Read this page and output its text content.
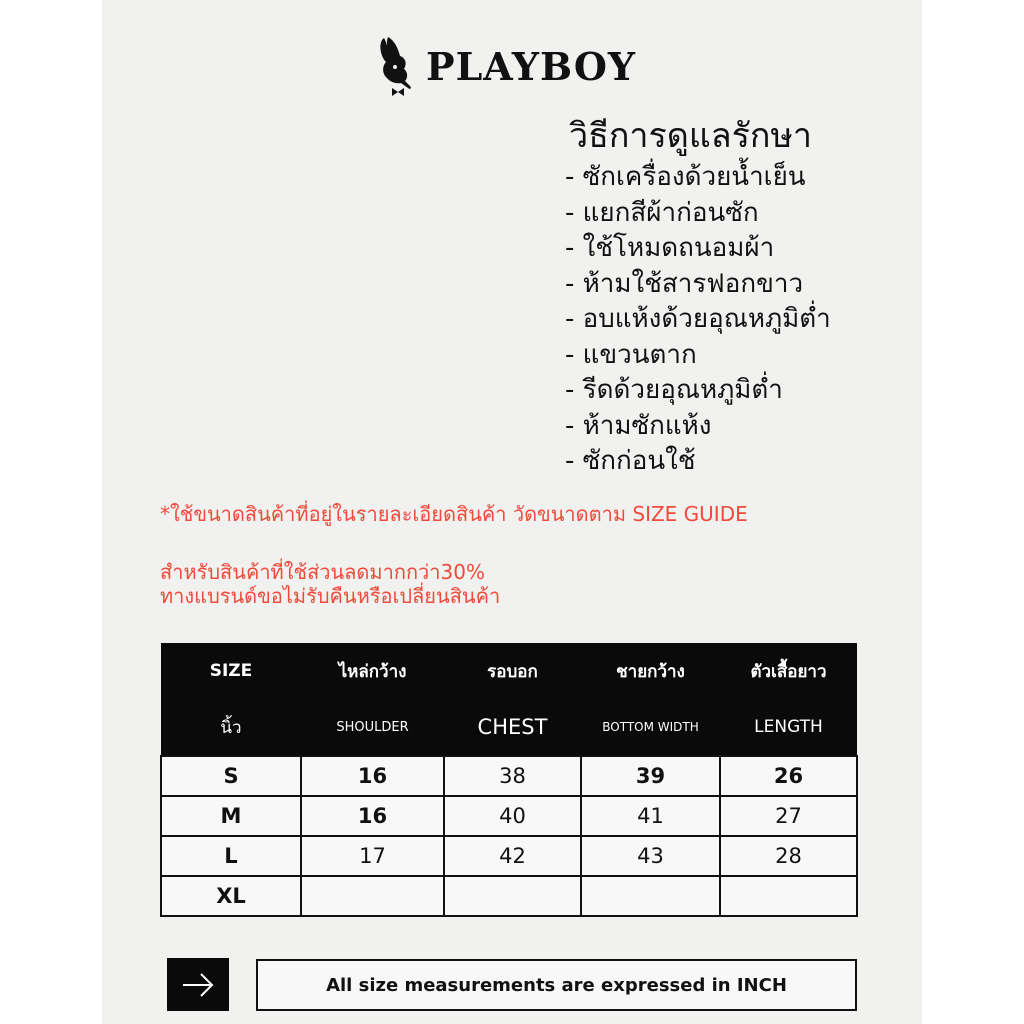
PLAYBOY
วิธีการดูแลรักษา
- ซักเครื่องด้วยน้ำเย็น
- แยกสีผ้าก่อนซัก
- ใช้โหมดถนอมผ้า
- ห้ามใช้สารฟอกขาว
- อบแห้งด้วยอุณหภูมิต่ำ
- แขวนตาก
- รีดด้วยอุณหภูมิต่ำ
- ห้ามซักแห้ง
- ซักก่อนใช้
*ใช้ขนาดสินค้าที่อยู่ในรายละเอียดสินค้า วัดขนาดตาม SIZE GUIDE
สำหรับสินค้าที่ใช้ส่วนลดมากกว่า30%
ทางแบรนด์ขอไม่รับคืนหรือเปลี่ยนสินค้า
SIZE	ไหล่กว้าง	รอบอก	ชายกว้าง	ตัวเสื้อยาว
นิ้ว	SHOULDER	CHEST	BOTTOM WIDTH	LENGTH
S	16	38	39	26
M	16	40	41	27
L	17	42	43	28
XL				
All size measurements are expressed in INCH
